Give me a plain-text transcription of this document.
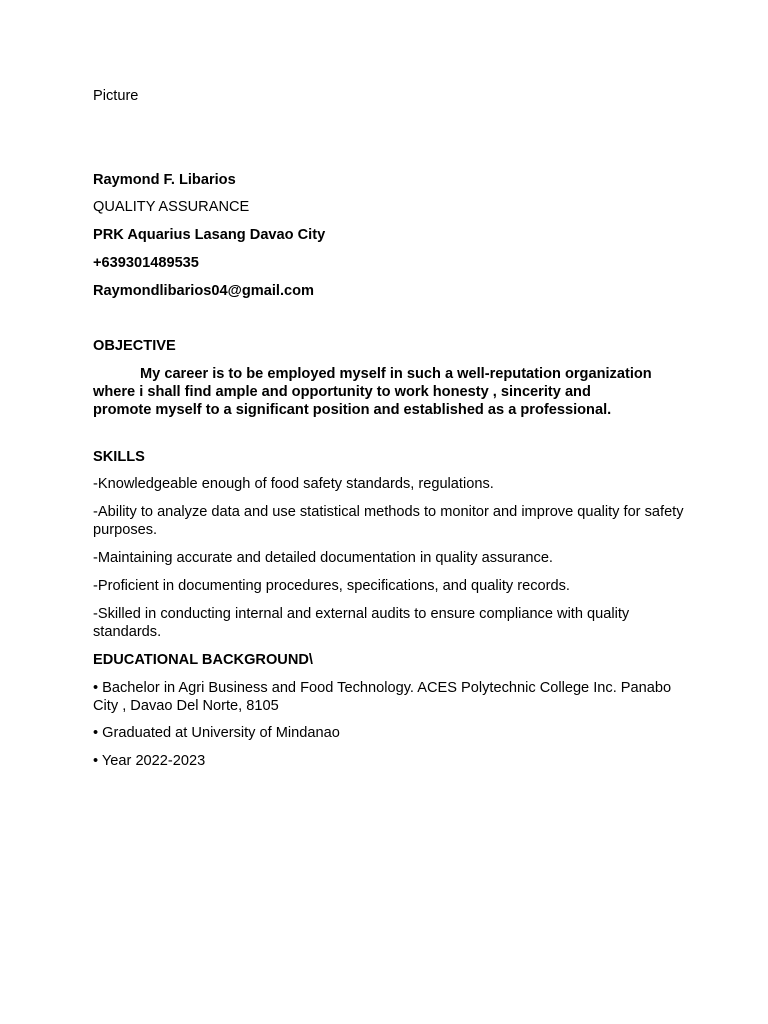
Picture
Raymond F. Libarios
QUALITY ASSURANCE
PRK Aquarius Lasang Davao City
+639301489535
Raymondlibarios04@gmail.com
OBJECTIVE
My career is to be employed myself in such a well-reputation organization where i shall find ample and opportunity to work honesty , sincerity and promote myself to a significant position and established as a professional.
SKILLS
-Knowledgeable enough of food safety standards, regulations.
-Ability to analyze data and use statistical methods to monitor and improve quality for safety purposes.
-Maintaining accurate and detailed documentation in quality assurance.
-Proficient in documenting procedures, specifications, and quality records.
-Skilled in conducting internal and external audits to ensure compliance with quality standards.
EDUCATIONAL BACKGROUND\
• Bachelor in Agri Business and Food Technology. ACES Polytechnic College Inc. Panabo City , Davao Del Norte, 8105
• Graduated at University of Mindanao
• Year 2022-2023
